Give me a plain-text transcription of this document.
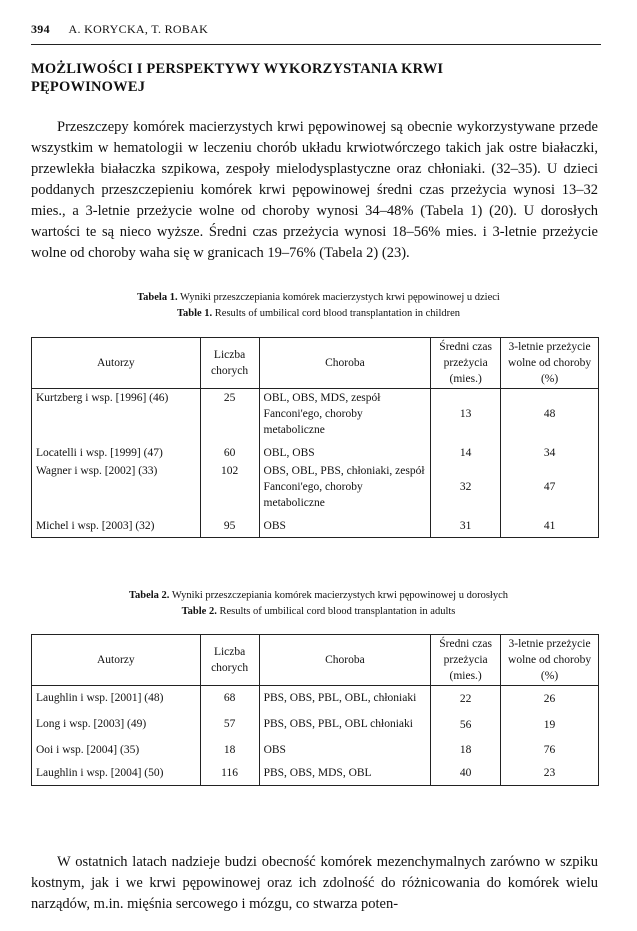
394 A. KORYCKA, T. ROBAK
MOŻLIWOŚCI I PERSPEKTYWY WYKORZYSTANIA KRWI
PĘPOWINOWEJ

Przeszczepy komórek macierzystych krwi pępowinowej są obecnie wykorzystywane przede wszystkim w hematologii w leczeniu chorób układu krwiotwórczego takich jak ostre białaczki, przewlekła białaczka szpikowa, zespoły mielodysplastyczne oraz chłoniaki. (32–35). U dzieci poddanych przeszczepieniu komórek krwi pępowinowej średni czas przeżycia wynosi 13–32 mies., a 3-letnie przeżycie wolne od choroby wynosi 34–48% (Tabela 1) (20). U dorosłych wartości te są nieco wyższe. Średni czas przeżycia wynosi 18–56% mies. i 3-letnie przeżycie wolne od choroby waha się w granicach 19–76% (Tabela 2) (23).

Tabela 1. Wyniki przeszczepiania komórek macierzystych krwi pępowinowej u dzieci
Table 1. Results of umbilical cord blood transplantation in children
Autorzy	Liczba chorych	Choroba	Średni czas przeżycia (mies.)	3-letnie przeżycie wolne od choroby (%)
Kurtzberg i wsp. [1996] (46)	25	OBL, OBS, MDS, zespół Fanconi'ego, choroby metaboliczne	13	48
Locatelli i wsp. [1999] (47)	60	OBL, OBS	14	34
Wagner i wsp. [2002] (33)	102	OBS, OBL, PBS, chłoniaki, zespół Fanconi'ego, choroby metaboliczne	32	47
Michel i wsp. [2003] (32)	95	OBS	31	41
Tabela 2. Wyniki przeszczepiania komórek macierzystych krwi pępowinowej u dorosłych
Table 2. Results of umbilical cord blood transplantation in adults
Autorzy	Liczba chorych	Choroba	Średni czas przeżycia (mies.)	3-letnie przeżycie wolne od choroby (%)
Laughlin i wsp. [2001] (48)	68	PBS, OBS, PBL, OBL, chłoniaki	22	26
Long i wsp. [2003] (49)	57	PBS, OBS, PBL, OBL chłoniaki	56	19
Ooi i wsp. [2004] (35)	18	OBS	18	76
Laughlin i wsp. [2004] (50)	116	PBS, OBS, MDS, OBL	40	23

W ostatnich latach nadzieje budzi obecność komórek mezenchymalnych zarówno w szpiku kostnym, jak i we krwi pępowinowej oraz ich zdolność do różnicowania do komórek wielu narządów, m.in. mięśnia sercowego i mózgu, co stwarza poten-
